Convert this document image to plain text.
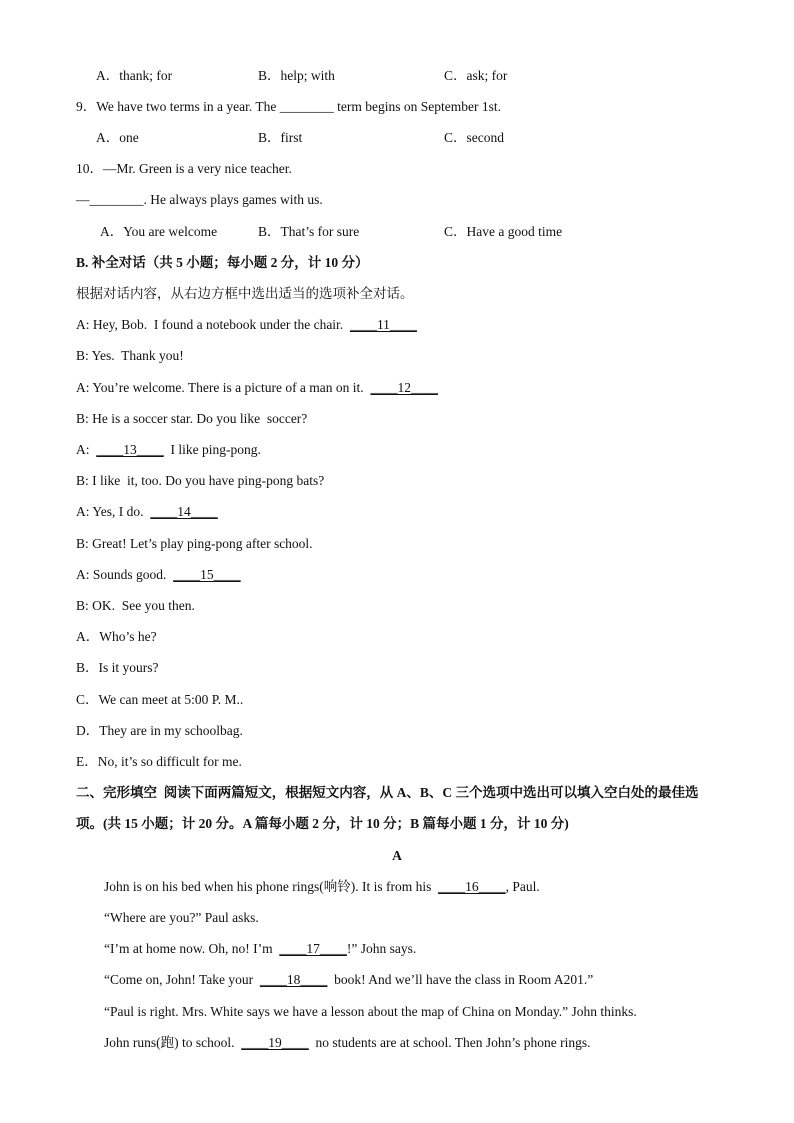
A．thank; for	B．help; with	C．ask; for
9．We have two terms in a year. The ________ term begins on September 1st.
A．one	B．first	C．second
10．—Mr. Green is a very nice teacher.
—________. He always plays games with us.
A．You are welcome	B．That’s for sure	C．Have a good time
B. 补全对话（共 5 小题；每小题 2 分，计 10 分）
根据对话内容，从右边方框中选出适当的选项补全对话。
A: Hey, Bob.  I found a notebook under the chair.  ____11____
B: Yes.  Thank you!
A: You’re welcome. There is a picture of a man on it.  ____12____
B: He is a soccer star. Do you like  soccer?
A:  ____13____  I like ping-pong.
B: I like  it, too. Do you have ping-pong bats?
A: Yes, I do.  ____14____
B: Great! Let’s play ping-pong after school.
A: Sounds good.  ____15____
B: OK.  See you then.
A．Who’s he?
B．Is it yours?
C．We can meet at 5:00 P. M..
D．They are in my schoolbag.
E．No, it’s so difficult for me.
二、完形填空  阅读下面两篇短文，根据短文内容，从 A、B、C 三个选项中选出可以填入空白处的最佳选
项。(共 15 小题；计 20 分。A 篇每小题 2 分，计 10 分；B 篇每小题 1 分，计 10 分)
A
John is on his bed when his phone rings(响铃). It is from his  ____16____, Paul.
“Where are you?” Paul asks.
“I’m at home now. Oh, no! I’m  ____17____!” John says.
“Come on, John! Take your  ____18____  book! And we’ll have the class in Room A201.”
“Paul is right. Mrs. White says we have a lesson about the map of China on Monday.” John thinks.
John runs(跑) to school.  ____19____  no students are at school. Then John’s phone rings.
